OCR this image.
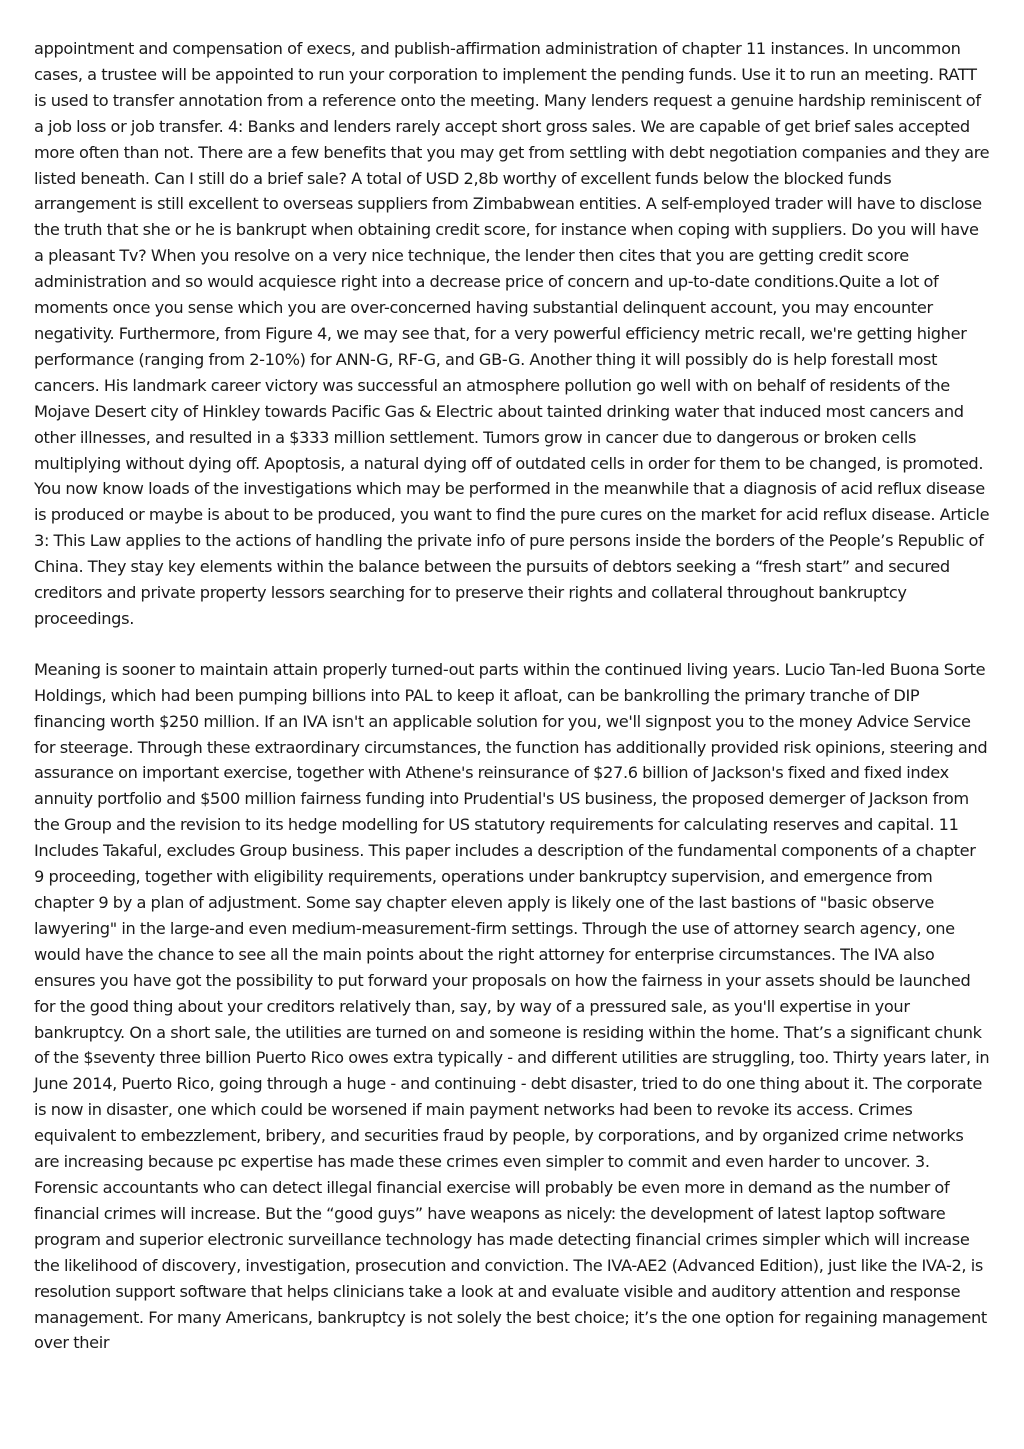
appointment and compensation of execs, and publish-affirmation administration of chapter 11 instances. In uncommon cases, a trustee will be appointed to run your corporation to implement the pending funds. Use it to run an meeting. RATT is used to transfer annotation from a reference onto the meeting. Many lenders request a genuine hardship reminiscent of a job loss or job transfer. 4: Banks and lenders rarely accept short gross sales. We are capable of get brief sales accepted more often than not. There are a few benefits that you may get from settling with debt negotiation companies and they are listed beneath. Can I still do a brief sale? A total of USD 2,8b worthy of excellent funds below the blocked funds arrangement is still excellent to overseas suppliers from Zimbabwean entities. A self-employed trader will have to disclose the truth that she or he is bankrupt when obtaining credit score, for instance when coping with suppliers. Do you will have a pleasant Tv? When you resolve on a very nice technique, the lender then cites that you are getting credit score administration and so would acquiesce right into a decrease price of concern and up-to-date conditions.Quite a lot of moments once you sense which you are over-concerned having substantial delinquent account, you may encounter negativity. Furthermore, from Figure 4, we may see that, for a very powerful efficiency metric recall, we're getting higher performance (ranging from 2-10%) for ANN-G, RF-G, and GB-G. Another thing it will possibly do is help forestall most cancers. His landmark career victory was successful an atmosphere pollution go well with on behalf of residents of the Mojave Desert city of Hinkley towards Pacific Gas & Electric about tainted drinking water that induced most cancers and other illnesses, and resulted in a $333 million settlement. Tumors grow in cancer due to dangerous or broken cells multiplying without dying off. Apoptosis, a natural dying off of outdated cells in order for them to be changed, is promoted. You now know loads of the investigations which may be performed in the meanwhile that a diagnosis of acid reflux disease is produced or maybe is about to be produced, you want to find the pure cures on the market for acid reflux disease. Article 3: This Law applies to the actions of handling the private info of pure persons inside the borders of the People’s Republic of China. They stay key elements within the balance between the pursuits of debtors seeking a “fresh start” and secured creditors and private property lessors searching for to preserve their rights and collateral throughout bankruptcy proceedings.

Meaning is sooner to maintain attain properly turned-out parts within the continued living years. Lucio Tan-led Buona Sorte Holdings, which had been pumping billions into PAL to keep it afloat, can be bankrolling the primary tranche of DIP financing worth $250 million. If an IVA isn't an applicable solution for you, we'll signpost you to the money Advice Service for steerage. Through these extraordinary circumstances, the function has additionally provided risk opinions, steering and assurance on important exercise, together with Athene's reinsurance of $27.6 billion of Jackson's fixed and fixed index annuity portfolio and $500 million fairness funding into Prudential's US business, the proposed demerger of Jackson from the Group and the revision to its hedge modelling for US statutory requirements for calculating reserves and capital. 11 Includes Takaful, excludes Group business. This paper includes a description of the fundamental components of a chapter 9 proceeding, together with eligibility requirements, operations under bankruptcy supervision, and emergence from chapter 9 by a plan of adjustment. Some say chapter eleven apply is likely one of the last bastions of "basic observe lawyering" in the large-and even medium-measurement-firm settings. Through the use of attorney search agency, one would have the chance to see all the main points about the right attorney for enterprise circumstances. The IVA also ensures you have got the possibility to put forward your proposals on how the fairness in your assets should be launched for the good thing about your creditors relatively than, say, by way of a pressured sale, as you'll expertise in your bankruptcy. On a short sale, the utilities are turned on and someone is residing within the home. That’s a significant chunk of the $seventy three billion Puerto Rico owes extra typically - and different utilities are struggling, too. Thirty years later, in June 2014, Puerto Rico, going through a huge - and continuing - debt disaster, tried to do one thing about it. The corporate is now in disaster, one which could be worsened if main payment networks had been to revoke its access. Crimes equivalent to embezzlement, bribery, and securities fraud by people, by corporations, and by organized crime networks are increasing because pc expertise has made these crimes even simpler to commit and even harder to uncover. 3. Forensic accountants who can detect illegal financial exercise will probably be even more in demand as the number of financial crimes will increase. But the “good guys” have weapons as nicely: the development of latest laptop software program and superior electronic surveillance technology has made detecting financial crimes simpler which will increase the likelihood of discovery, investigation, prosecution and conviction. The IVA-AE2 (Advanced Edition), just like the IVA-2, is resolution support software that helps clinicians take a look at and evaluate visible and auditory attention and response management. For many Americans, bankruptcy is not solely the best choice; it’s the one option for regaining management over their
